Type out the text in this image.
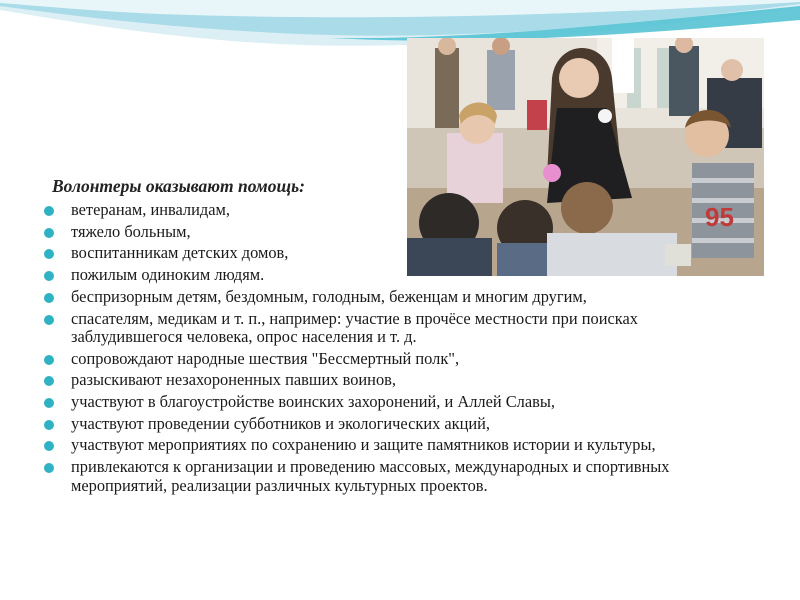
95

Волонтеры оказывают помощь:

ветеранам, инвалидам,
тяжело больным,
воспитанникам детских домов,
пожилым одиноким людям.
беспризорным детям, бездомным, голодным, беженцам и многим другим,
спасателям, медикам и т. п., например: участие в прочёсе местности при поисках заблудившегося человека, опрос населения и т. д.
сопровождают народные шествия "Бессмертный полк",
разыскивают незахороненных павших воинов,
участвуют в благоустройстве воинских захоронений, и Аллей Славы,
участвуют проведении субботников и экологических акций,
участвуют мероприятиях по сохранению и защите памятников истории и культуры,
привлекаются к организации и проведению массовых, международных и спортивных мероприятий, реализации различных культурных проектов.
